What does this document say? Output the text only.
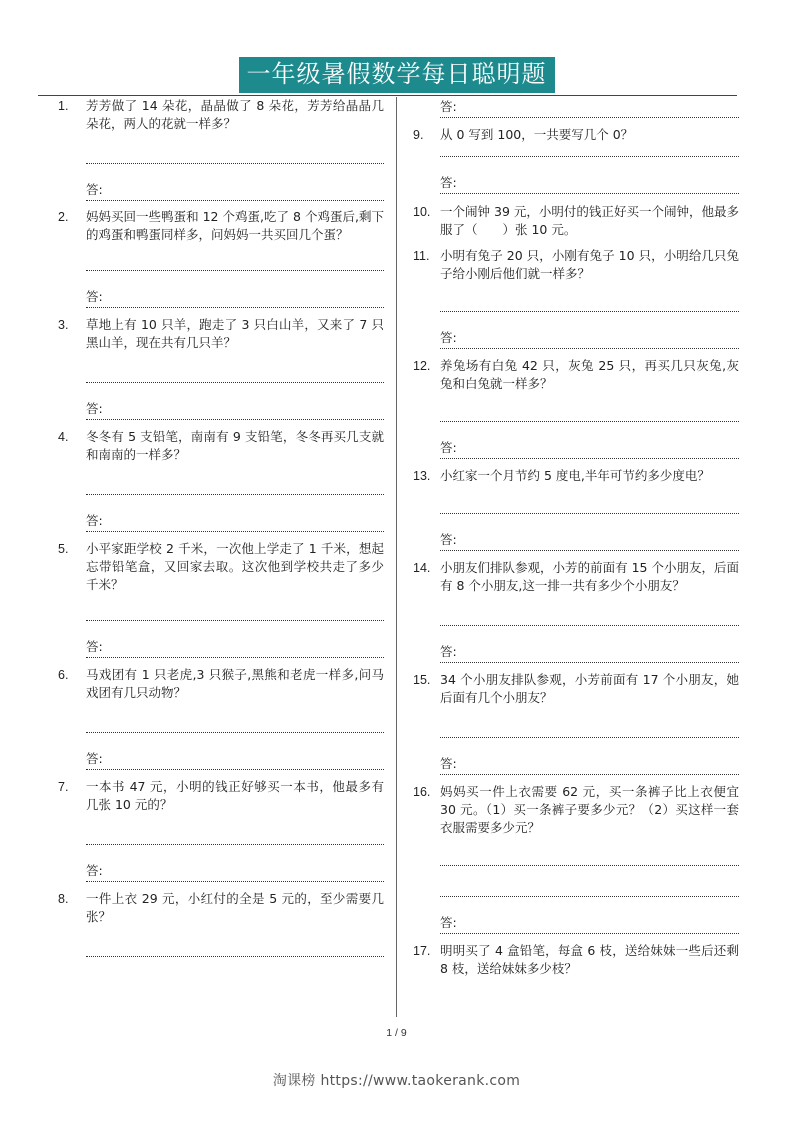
一年级暑假数学每日聪明题
1. 芳芳做了 14 朵花，晶晶做了 8 朵花，芳芳给晶晶几朵花，两人的花就一样多？
答:
2. 妈妈买回一些鸭蛋和 12 个鸡蛋,吃了 8 个鸡蛋后,剩下的鸡蛋和鸭蛋同样多，问妈妈一共买回几个蛋？
答:
3. 草地上有 10 只羊，跑走了 3 只白山羊，又来了 7 只黑山羊，现在共有几只羊？
答:
4. 冬冬有 5 支铅笔，南南有 9 支铅笔，冬冬再买几支就和南南的一样多？
答:
5. 小平家距学校 2 千米，一次他上学走了 1 千米，想起忘带铅笔盒，又回家去取。这次他到学校共走了多少千米？
答:
6. 马戏团有 1 只老虎,3 只猴子,黑熊和老虎一样多,问马戏团有几只动物？
答:
7. 一本书 47 元，小明的钱正好够买一本书，他最多有几张 10 元的？
答:
8. 一件上衣 29 元，小红付的全是 5 元的，至少需要几张？
答:
9. 从 0 写到 100，一共要写几个 0？
答:
10. 一个闹钟 39 元，小明付的钱正好买一个闹钟，他最多服了（　　）张 10 元。
11. 小明有兔子 20 只，小刚有兔子 10 只，小明给几只兔子给小刚后他们就一样多？
答:
12. 养兔场有白兔 42 只，灰兔 25 只，再买几只灰兔,灰兔和白兔就一样多？
答:
13. 小红家一个月节约 5 度电,半年可节约多少度电？
答:
14. 小朋友们排队参观，小芳的前面有 15 个小朋友，后面有 8 个小朋友,这一排一共有多少个小朋友？
答:
15. 34 个小朋友排队参观，小芳前面有 17 个小朋友，她后面有几个小朋友？
答:
16. 妈妈买一件上衣需要 62 元，买一条裤子比上衣便宜 30 元。（1）买一条裤子要多少元？（2）买这样一套衣服需要多少元？
答:
17. 明明买了 4 盒铅笔，每盒 6 枝，送给妹妹一些后还剩 8 枝，送给妹妹多少枝？
1 / 9
淘课榜 https://www.taokerank.com
